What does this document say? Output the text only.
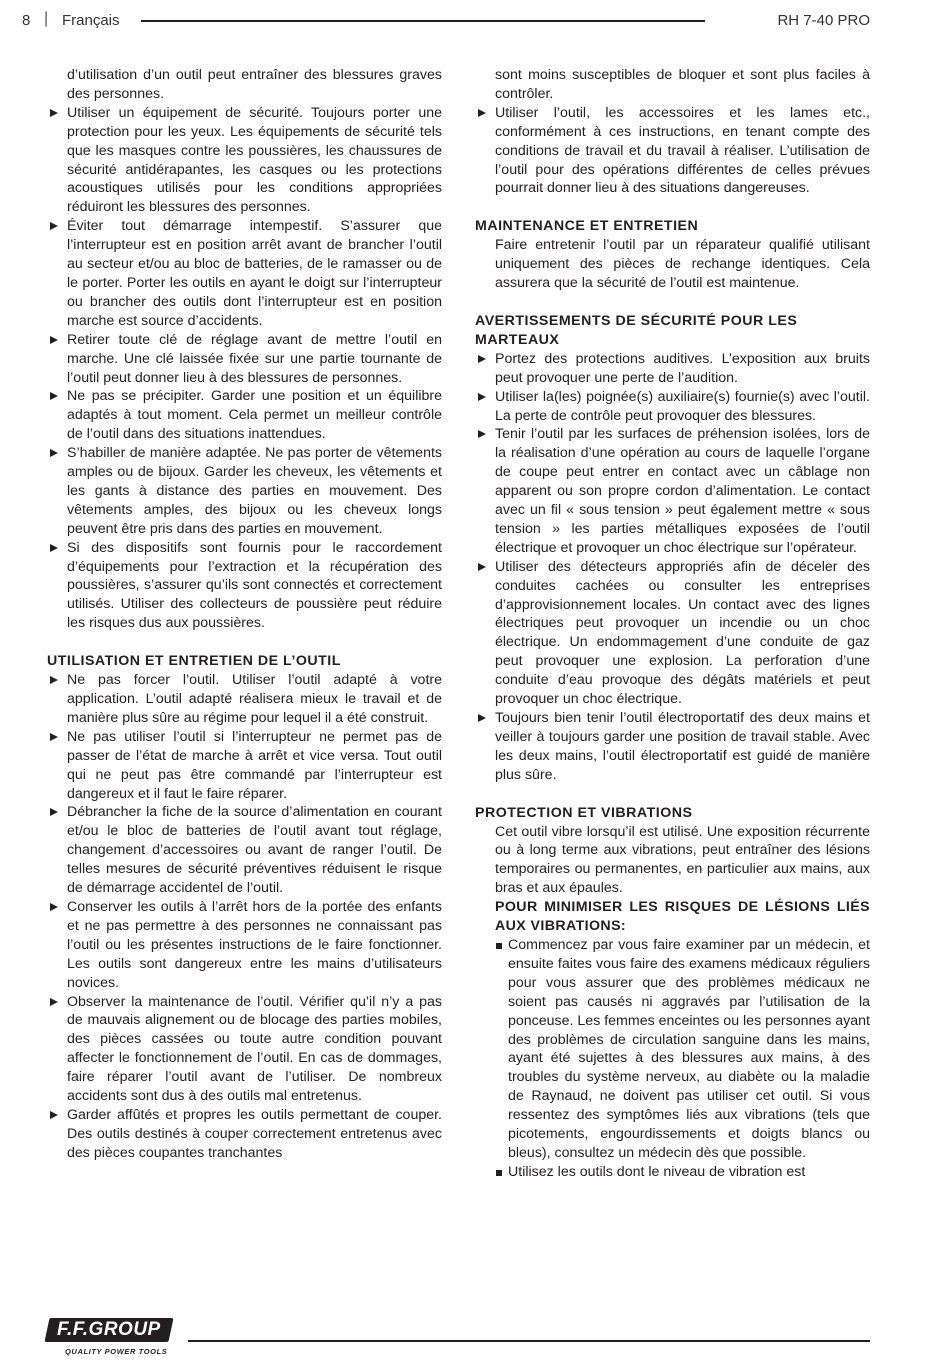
8 | Français	RH 7-40 PRO

d’utilisation d’un outil peut entraîner des blessures graves des personnes.

Utiliser un équipement de sécurité. Toujours porter une protection pour les yeux. Les équipements de sécurité tels que les masques contre les poussières, les chaussures de sécurité antidérapantes, les casques ou les protections acoustiques utilisés pour les conditions appropriées réduiront les blessures des personnes.

Éviter tout démarrage intempestif. S’assurer que l’interrupteur est en position arrêt avant de brancher l’outil au secteur et/ou au bloc de batteries, de le ramasser ou de le porter. Porter les outils en ayant le doigt sur l’interrupteur ou brancher des outils dont l’interrupteur est en position marche est source d’accidents.

Retirer toute clé de réglage avant de mettre l’outil en marche. Une clé laissée fixée sur une partie tournante de l’outil peut donner lieu à des blessures de personnes.

Ne pas se précipiter. Garder une position et un équilibre adaptés à tout moment. Cela permet un meilleur contrôle de l’outil dans des situations inattendues.

S’habiller de manière adaptée. Ne pas porter de vêtements amples ou de bijoux. Garder les cheveux, les vêtements et les gants à distance des parties en mouvement. Des vêtements amples, des bijoux ou les cheveux longs peuvent être pris dans des parties en mouvement.

Si des dispositifs sont fournis pour le raccordement d’équipements pour l’extraction et la récupération des poussières, s’assurer qu’ils sont connectés et correctement utilisés. Utiliser des collecteurs de poussière peut réduire les risques dus aux poussières.

UTILISATION ET ENTRETIEN DE L’OUTIL

Ne pas forcer l’outil. Utiliser l’outil adapté à votre application. L’outil adapté réalisera mieux le travail et de manière plus sûre au régime pour lequel il a été construit.

Ne pas utiliser l’outil si l’interrupteur ne permet pas de passer de l’état de marche à arrêt et vice versa. Tout outil qui ne peut pas être commandé par l’interrupteur est dangereux et il faut le faire réparer.

Débrancher la fiche de la source d’alimentation en courant et/ou le bloc de batteries de l’outil avant tout réglage, changement d’accessoires ou avant de ranger l’outil. De telles mesures de sécurité préventives réduisent le risque de démarrage accidentel de l’outil.

Conserver les outils à l’arrêt hors de la portée des enfants et ne pas permettre à des personnes ne connaissant pas l’outil ou les présentes instructions de le faire fonctionner. Les outils sont dangereux entre les mains d’utilisateurs novices.

Observer la maintenance de l’outil. Vérifier qu’il n’y a pas de mauvais alignement ou de blocage des parties mobiles, des pièces cassées ou toute autre condition pouvant affecter le fonctionnement de l’outil. En cas de dommages, faire réparer l’outil avant de l’utiliser. De nombreux accidents sont dus à des outils mal entretenus.

Garder affûtés et propres les outils permettant de couper. Des outils destinés à couper correctement entretenus avec des pièces coupantes tranchantes

sont moins susceptibles de bloquer et sont plus faciles à contrôler.

Utiliser l’outil, les accessoires et les lames etc., conformément à ces instructions, en tenant compte des conditions de travail et du travail à réaliser. L’utilisation de l’outil pour des opérations différentes de celles prévues pourrait donner lieu à des situations dangereuses.

MAINTENANCE ET ENTRETIEN

Faire entretenir l’outil par un réparateur qualifié utilisant uniquement des pièces de rechange identiques. Cela assurera que la sécurité de l’outil est maintenue.

AVERTISSEMENTS DE SÉCURITÉ POUR LES MARTEAUX

Portez des protections auditives. L’exposition aux bruits peut provoquer une perte de l’audition.

Utiliser la(les) poignée(s) auxiliaire(s) fournie(s) avec l’outil. La perte de contrôle peut provoquer des blessures.

Tenir l’outil par les surfaces de préhension isolées, lors de la réalisation d’une opération au cours de laquelle l’organe de coupe peut entrer en contact avec un câblage non apparent ou son propre cordon d’alimentation. Le contact avec un fil « sous tension » peut également mettre « sous tension » les parties métalliques exposées de l’outil électrique et provoquer un choc électrique sur l’opérateur.

Utiliser des détecteurs appropriés afin de déceler des conduites cachées ou consulter les entreprises d’approvisionnement locales. Un contact avec des lignes électriques peut provoquer un incendie ou un choc électrique. Un endommagement d’une conduite de gaz peut provoquer une explosion. La perforation d’une conduite d’eau provoque des dégâts matériels et peut provoquer un choc électrique.

Toujours bien tenir l’outil électroportatif des deux mains et veiller à toujours garder une position de travail stable. Avec les deux mains, l’outil électroportatif est guidé de manière plus sûre.

PROTECTION ET VIBRATIONS

Cet outil vibre lorsqu’il est utilisé. Une exposition récurrente ou à long terme aux vibrations, peut entraîner des lésions temporaires ou permanentes, en particulier aux mains, aux bras et aux épaules.

POUR MINIMISER LES RISQUES DE LÉSIONS LIÉS AUX VIBRATIONS:

Commencez par vous faire examiner par un médecin, et ensuite faites vous faire des examens médicaux réguliers pour vous assurer que des problèmes médicaux ne soient pas causés ni aggravés par l’utilisation de la ponceuse. Les femmes enceintes ou les personnes ayant des problèmes de circulation sanguine dans les mains, ayant été sujettes à des blessures aux mains, à des troubles du système nerveux, au diabète ou la maladie de Raynaud, ne doivent pas utiliser cet outil. Si vous ressentez des symptômes liés aux vibrations (tels que picotements, engourdissements et doigts blancs ou bleus), consultez un médecin dès que possible.

Utilisez les outils dont le niveau de vibration est

F.F.GROUP
QUALITY POWER TOOLS
